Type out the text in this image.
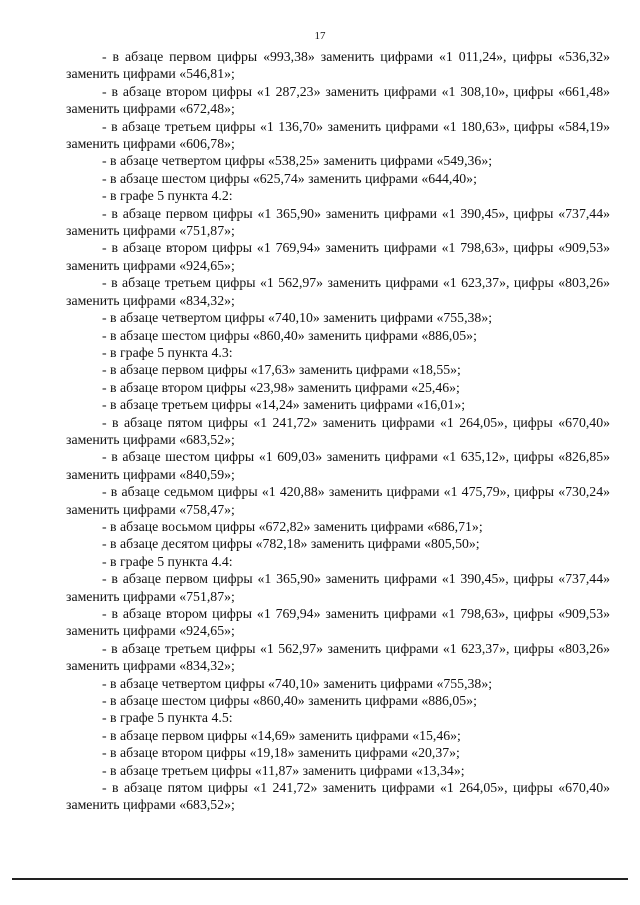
17

- в абзаце первом цифры «993,38» заменить цифрами «1 011,24», цифры «536,32» заменить цифрами «546,81»;

- в абзаце втором цифры «1 287,23» заменить цифрами «1 308,10», цифры «661,48» заменить цифрами «672,48»;

- в абзаце третьем цифры «1 136,70» заменить цифрами «1 180,63», цифры «584,19» заменить цифрами «606,78»;

- в абзаце четвертом цифры «538,25» заменить цифрами «549,36»;

- в абзаце шестом цифры «625,74» заменить цифрами «644,40»;

- в графе 5 пункта 4.2:

- в абзаце первом цифры «1 365,90» заменить цифрами «1 390,45», цифры «737,44» заменить цифрами «751,87»;

- в абзаце втором цифры «1 769,94» заменить цифрами «1 798,63», цифры «909,53» заменить цифрами «924,65»;

- в абзаце третьем цифры «1 562,97» заменить цифрами «1 623,37», цифры «803,26» заменить цифрами «834,32»;

- в абзаце четвертом цифры «740,10» заменить цифрами «755,38»;

- в абзаце шестом цифры «860,40» заменить цифрами «886,05»;

- в графе 5 пункта 4.3:

- в абзаце первом цифры «17,63» заменить цифрами «18,55»;

- в абзаце втором цифры «23,98» заменить цифрами «25,46»;

- в абзаце третьем цифры «14,24» заменить цифрами «16,01»;

- в абзаце пятом цифры «1 241,72» заменить цифрами «1 264,05», цифры «670,40» заменить цифрами «683,52»;

- в абзаце шестом цифры «1 609,03» заменить цифрами «1 635,12», цифры «826,85» заменить цифрами «840,59»;

- в абзаце седьмом цифры «1 420,88» заменить цифрами «1 475,79», цифры «730,24» заменить цифрами «758,47»;

- в абзаце восьмом цифры «672,82» заменить цифрами «686,71»;

- в абзаце десятом цифры «782,18» заменить цифрами «805,50»;

- в графе 5 пункта 4.4:

- в абзаце первом цифры «1 365,90» заменить цифрами «1 390,45», цифры «737,44» заменить цифрами «751,87»;

- в абзаце втором цифры «1 769,94» заменить цифрами «1 798,63», цифры «909,53» заменить цифрами «924,65»;

- в абзаце третьем цифры «1 562,97» заменить цифрами «1 623,37», цифры «803,26» заменить цифрами «834,32»;

- в абзаце четвертом цифры «740,10» заменить цифрами «755,38»;

- в абзаце шестом цифры «860,40» заменить цифрами «886,05»;

- в графе 5 пункта 4.5:

- в абзаце первом цифры «14,69» заменить цифрами «15,46»;

- в абзаце втором цифры «19,18» заменить цифрами «20,37»;

- в абзаце третьем цифры «11,87» заменить цифрами «13,34»;

- в абзаце пятом цифры «1 241,72» заменить цифрами «1 264,05», цифры «670,40» заменить цифрами «683,52»;
